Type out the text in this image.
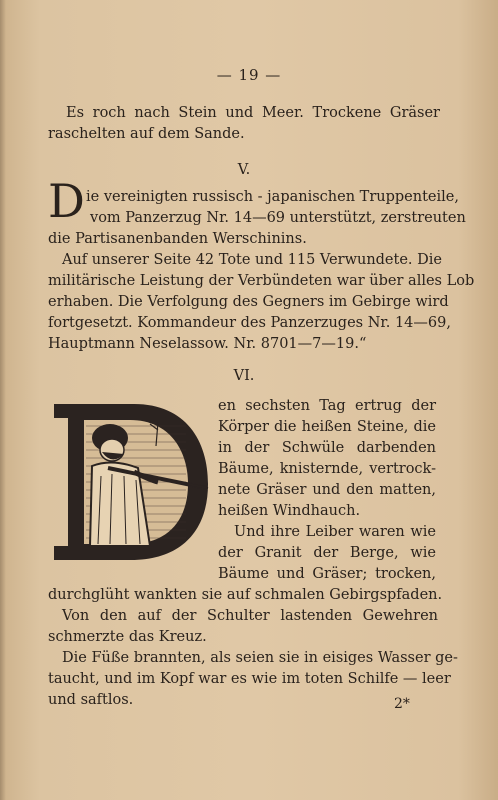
— 19 —
Es roch nach Stein und Meer. Trockene Gräser
raschelten auf dem Sande.
V.
D ie vereinigten russisch - japanischen Truppenteile,
vom Panzerzug Nr. 14—69 unterstützt, zerstreuten
die Partisanenbanden Werschinins.
Auf unserer Seite 42 Tote und 115 Verwundete. Die
militärische Leistung der Verbündeten war über alles Lob
erhaben. Die Verfolgung des Gegners im Gebirge wird
fortgesetzt. Kommandeur des Panzerzuges Nr. 14—69,
Hauptmann Neselassow. Nr. 8701—7—19.“
VI.
en sechsten Tag ertrug der
Körper die heißen Steine, die
in der Schwüle darbenden
Bäume, knisternde, vertrock-
nete Gräser und den matten,
heißen Windhauch.
Und ihre Leiber waren wie
der Granit der Berge, wie
Bäume und Gräser; trocken,
durchglüht wankten sie auf schmalen Gebirgspfaden.
Von den auf der Schulter lastenden Gewehren
schmerzte das Kreuz.
Die Füße brannten, als seien sie in eisiges Wasser ge-
taucht, und im Kopf war es wie im toten Schilfe — leer
und saftlos.	2*
